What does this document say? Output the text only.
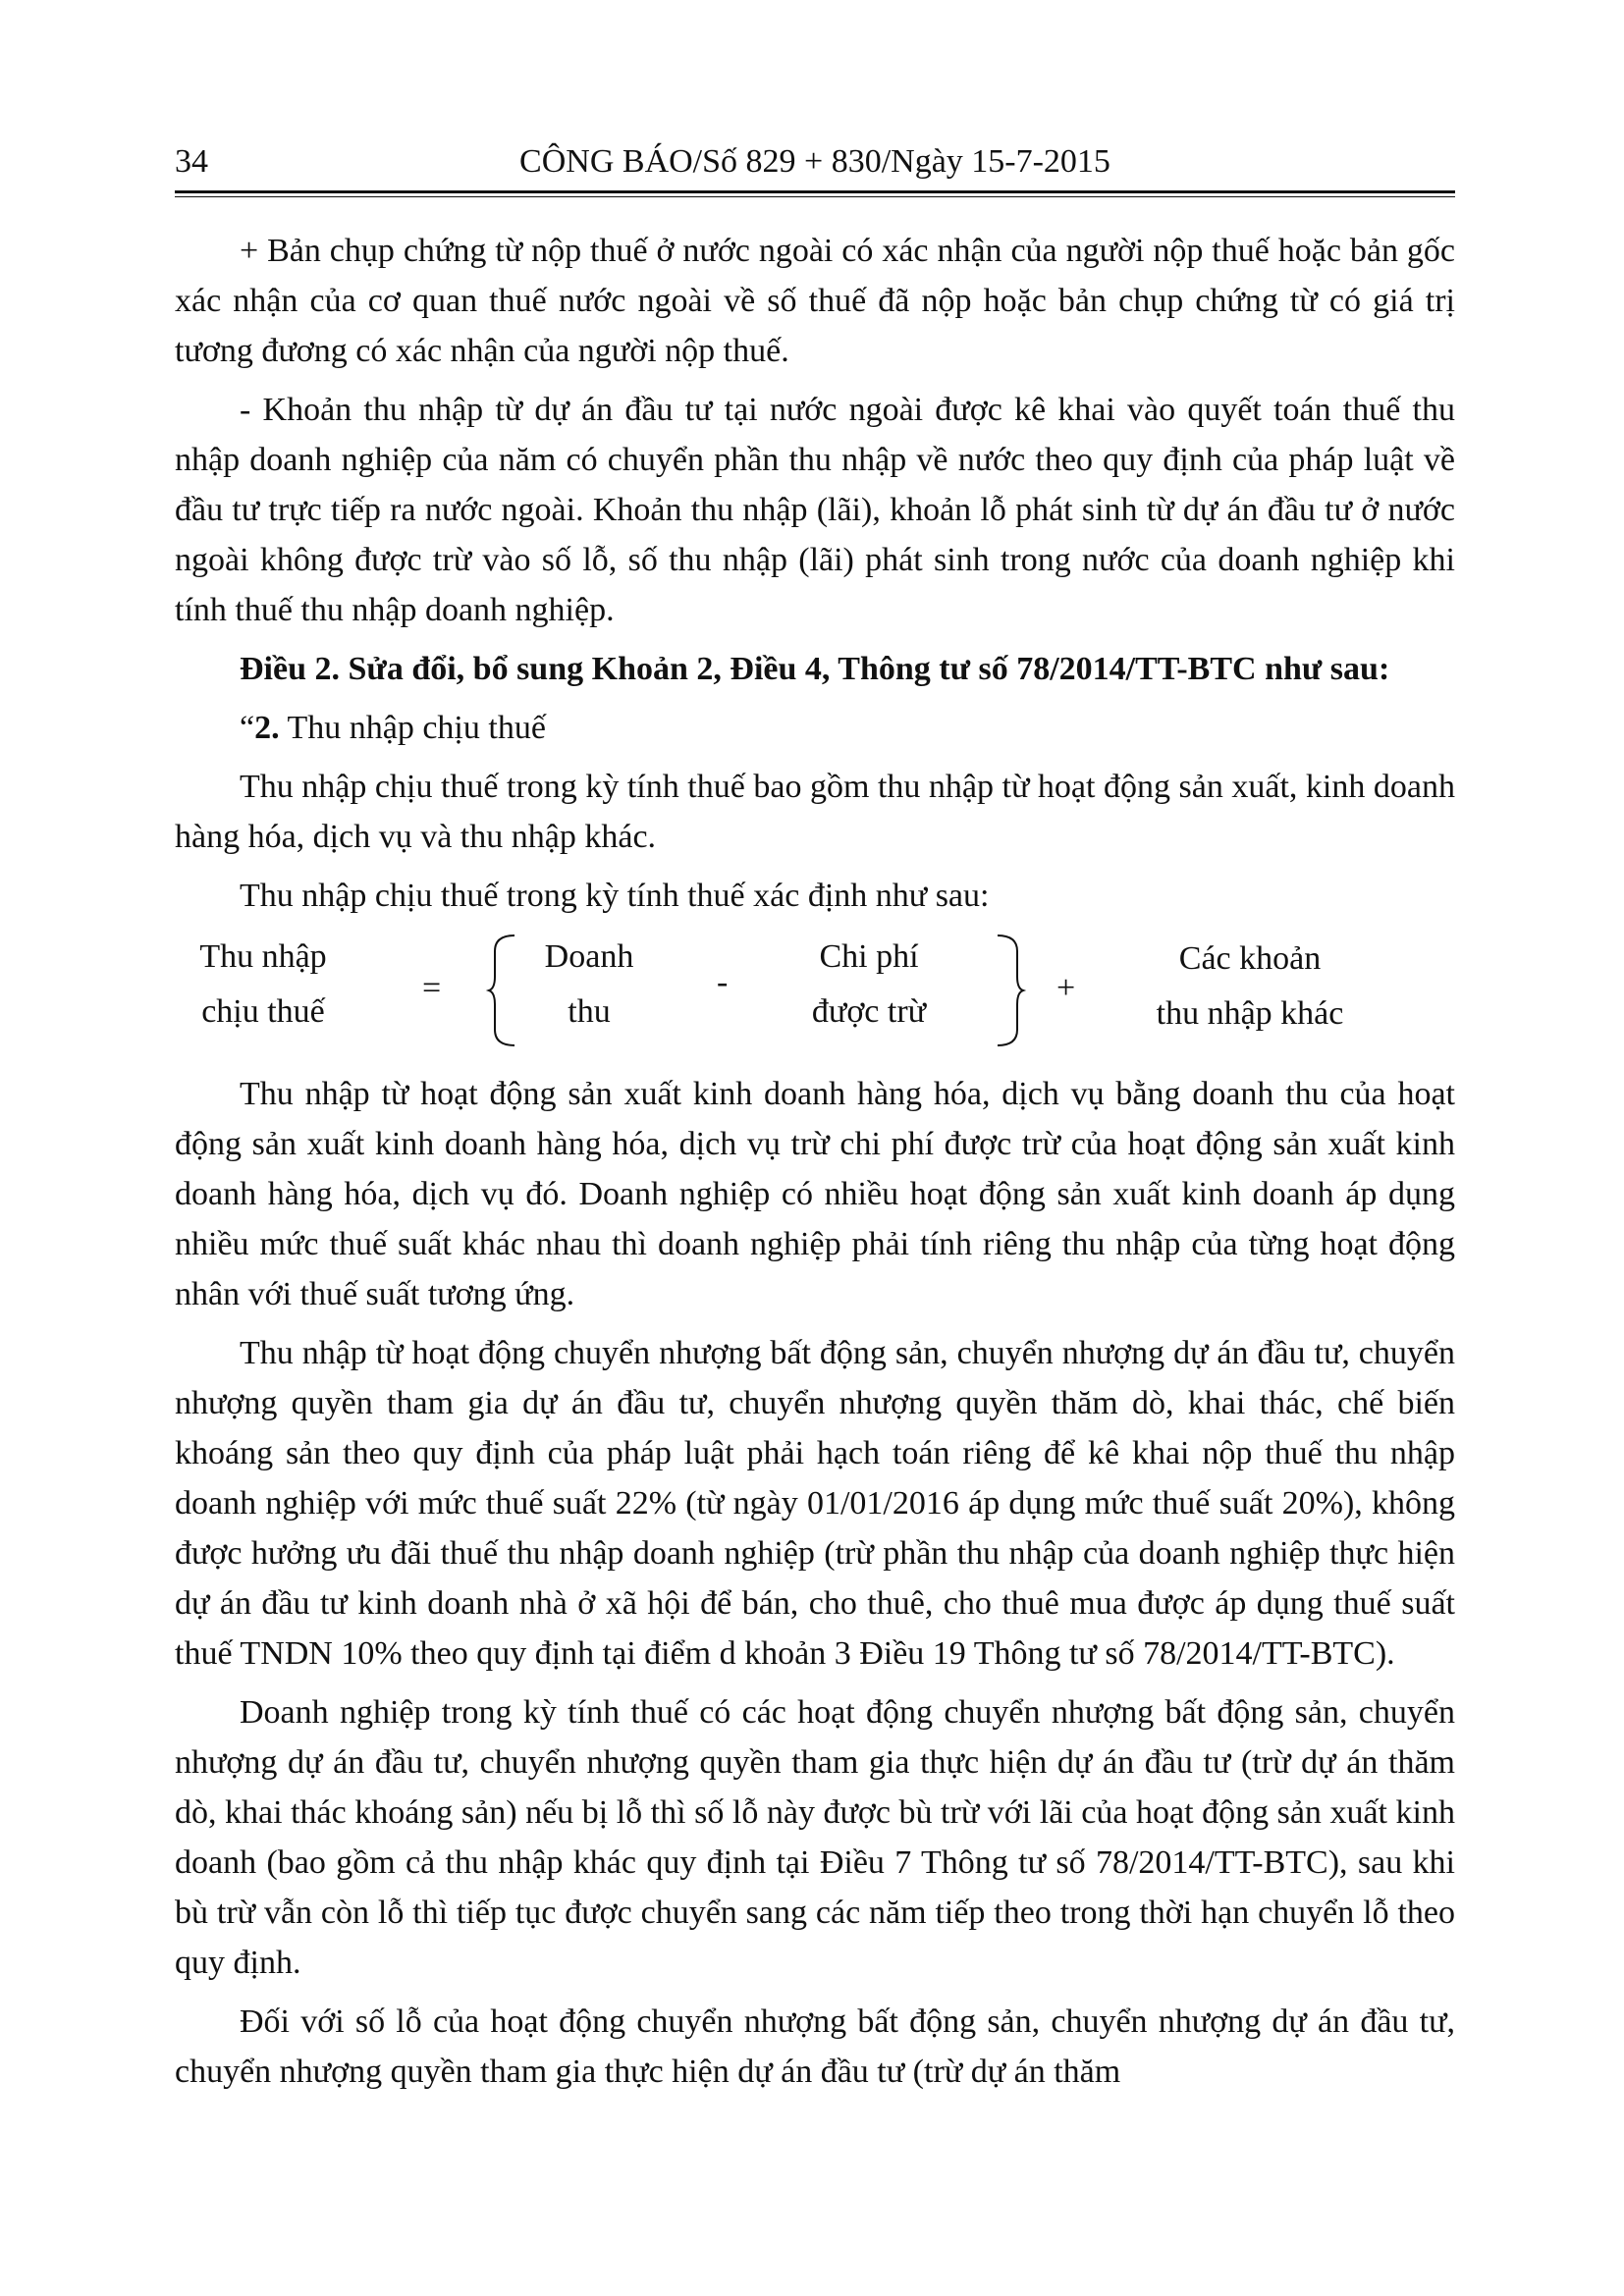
34	CÔNG BÁO/Số 829 + 830/Ngày 15-7-2015

+ Bản chụp chứng từ nộp thuế ở nước ngoài có xác nhận của người nộp thuế hoặc bản gốc xác nhận của cơ quan thuế nước ngoài về số thuế đã nộp hoặc bản chụp chứng từ có giá trị tương đương có xác nhận của người nộp thuế.

- Khoản thu nhập từ dự án đầu tư tại nước ngoài được kê khai vào quyết toán thuế thu nhập doanh nghiệp của năm có chuyển phần thu nhập về nước theo quy định của pháp luật về đầu tư trực tiếp ra nước ngoài. Khoản thu nhập (lãi), khoản lỗ phát sinh từ dự án đầu tư ở nước ngoài không được trừ vào số lỗ, số thu nhập (lãi) phát sinh trong nước của doanh nghiệp khi tính thuế thu nhập doanh nghiệp.

Điều 2. Sửa đổi, bổ sung Khoản 2, Điều 4, Thông tư số 78/2014/TT-BTC như sau:

“2. Thu nhập chịu thuế

Thu nhập chịu thuế trong kỳ tính thuế bao gồm thu nhập từ hoạt động sản xuất, kinh doanh hàng hóa, dịch vụ và thu nhập khác.

Thu nhập chịu thuế trong kỳ tính thuế xác định như sau:

Thu nhập
chịu thuế
=
Doanh
thu
-
Chi phí
được trừ
+
Các khoản
thu nhập khác

Thu nhập từ hoạt động sản xuất kinh doanh hàng hóa, dịch vụ bằng doanh thu của hoạt động sản xuất kinh doanh hàng hóa, dịch vụ trừ chi phí được trừ của hoạt động sản xuất kinh doanh hàng hóa, dịch vụ đó. Doanh nghiệp có nhiều hoạt động sản xuất kinh doanh áp dụng nhiều mức thuế suất khác nhau thì doanh nghiệp phải tính riêng thu nhập của từng hoạt động nhân với thuế suất tương ứng.

Thu nhập từ hoạt động chuyển nhượng bất động sản, chuyển nhượng dự án đầu tư, chuyển nhượng quyền tham gia dự án đầu tư, chuyển nhượng quyền thăm dò, khai thác, chế biến khoáng sản theo quy định của pháp luật phải hạch toán riêng để kê khai nộp thuế thu nhập doanh nghiệp với mức thuế suất 22% (từ ngày 01/01/2016 áp dụng mức thuế suất 20%), không được hưởng ưu đãi thuế thu nhập doanh nghiệp (trừ phần thu nhập của doanh nghiệp thực hiện dự án đầu tư kinh doanh nhà ở xã hội để bán, cho thuê, cho thuê mua được áp dụng thuế suất thuế TNDN 10% theo quy định tại điểm d khoản 3 Điều 19 Thông tư số 78/2014/TT-BTC).

Doanh nghiệp trong kỳ tính thuế có các hoạt động chuyển nhượng bất động sản, chuyển nhượng dự án đầu tư, chuyển nhượng quyền tham gia thực hiện dự án đầu tư (trừ dự án thăm dò, khai thác khoáng sản) nếu bị lỗ thì số lỗ này được bù trừ với lãi của hoạt động sản xuất kinh doanh (bao gồm cả thu nhập khác quy định tại Điều 7 Thông tư số 78/2014/TT-BTC), sau khi bù trừ vẫn còn lỗ thì tiếp tục được chuyển sang các năm tiếp theo trong thời hạn chuyển lỗ theo quy định.

Đối với số lỗ của hoạt động chuyển nhượng bất động sản, chuyển nhượng dự án đầu tư, chuyển nhượng quyền tham gia thực hiện dự án đầu tư (trừ dự án thăm
